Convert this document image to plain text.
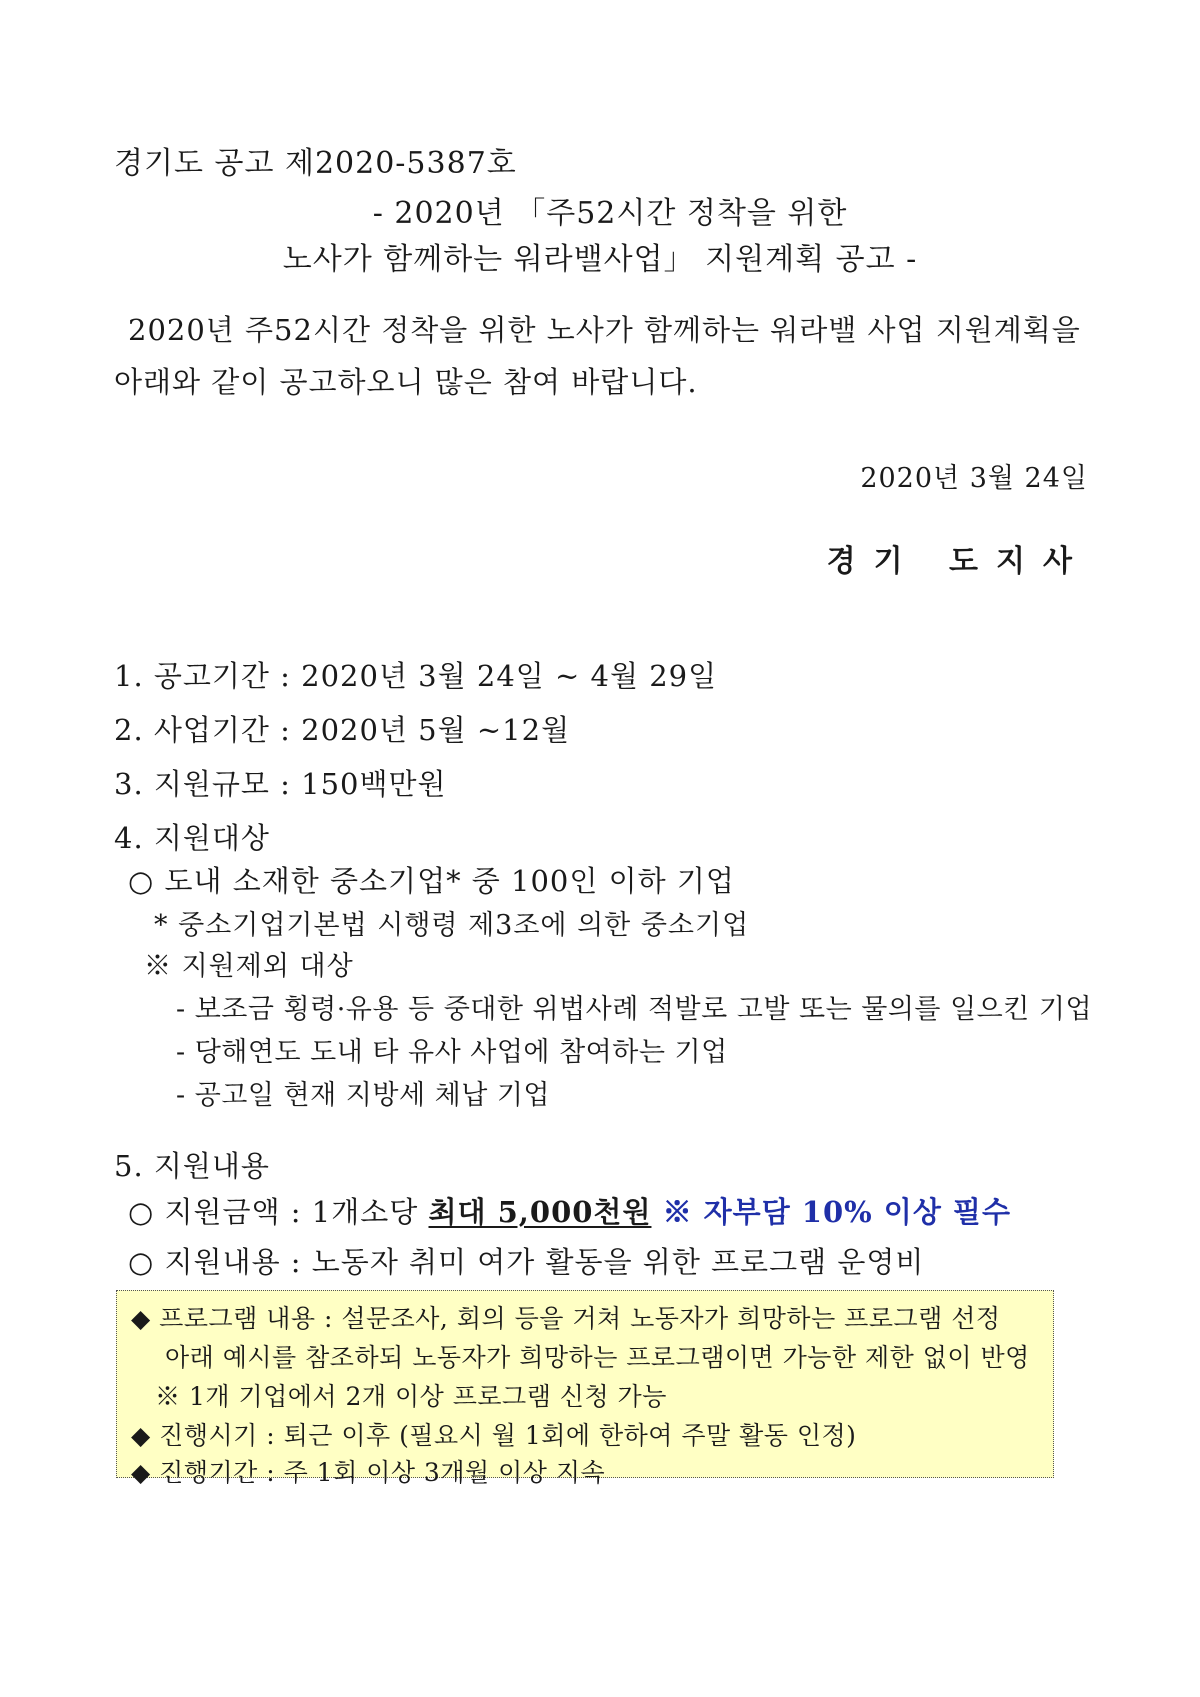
경기도 공고 제2020-5387호
- 2020년 「주52시간 정착을 위한
노사가 함께하는 워라밸사업」 지원계획 공고 -
2020년 주52시간 정착을 위한 노사가 함께하는 워라밸 사업 지원계획을 아래와 같이 공고하오니 많은 참여 바랍니다.
2020년 3월 24일
경기 도지사
1. 공고기간 : 2020년 3월 24일 ~ 4월 29일
2. 사업기간 : 2020년 5월 ~12월
3. 지원규모 : 150백만원
4. 지원대상
○ 도내 소재한 중소기업* 중 100인 이하 기업
* 중소기업기본법 시행령 제3조에 의한 중소기업
※ 지원제외 대상
- 보조금 횡령·유용 등 중대한 위법사례 적발로 고발 또는 물의를 일으킨 기업
- 당해연도 도내 타 유사 사업에 참여하는 기업
- 공고일 현재 지방세 체납 기업
5. 지원내용
○ 지원금액 : 1개소당 최대 5,000천원 ※ 자부담 10% 이상 필수
○ 지원내용 : 노동자 취미 여가 활동을 위한 프로그램 운영비
◆ 프로그램 내용 : 설문조사, 회의 등을 거쳐 노동자가 희망하는 프로그램 선정
아래 예시를 참조하되 노동자가 희망하는 프로그램이면 가능한 제한 없이 반영
※ 1개 기업에서 2개 이상 프로그램 신청 가능
◆ 진행시기 : 퇴근 이후 (필요시 월 1회에 한하여 주말 활동 인정)
◆ 진행기간 : 주 1회 이상 3개월 이상 지속
